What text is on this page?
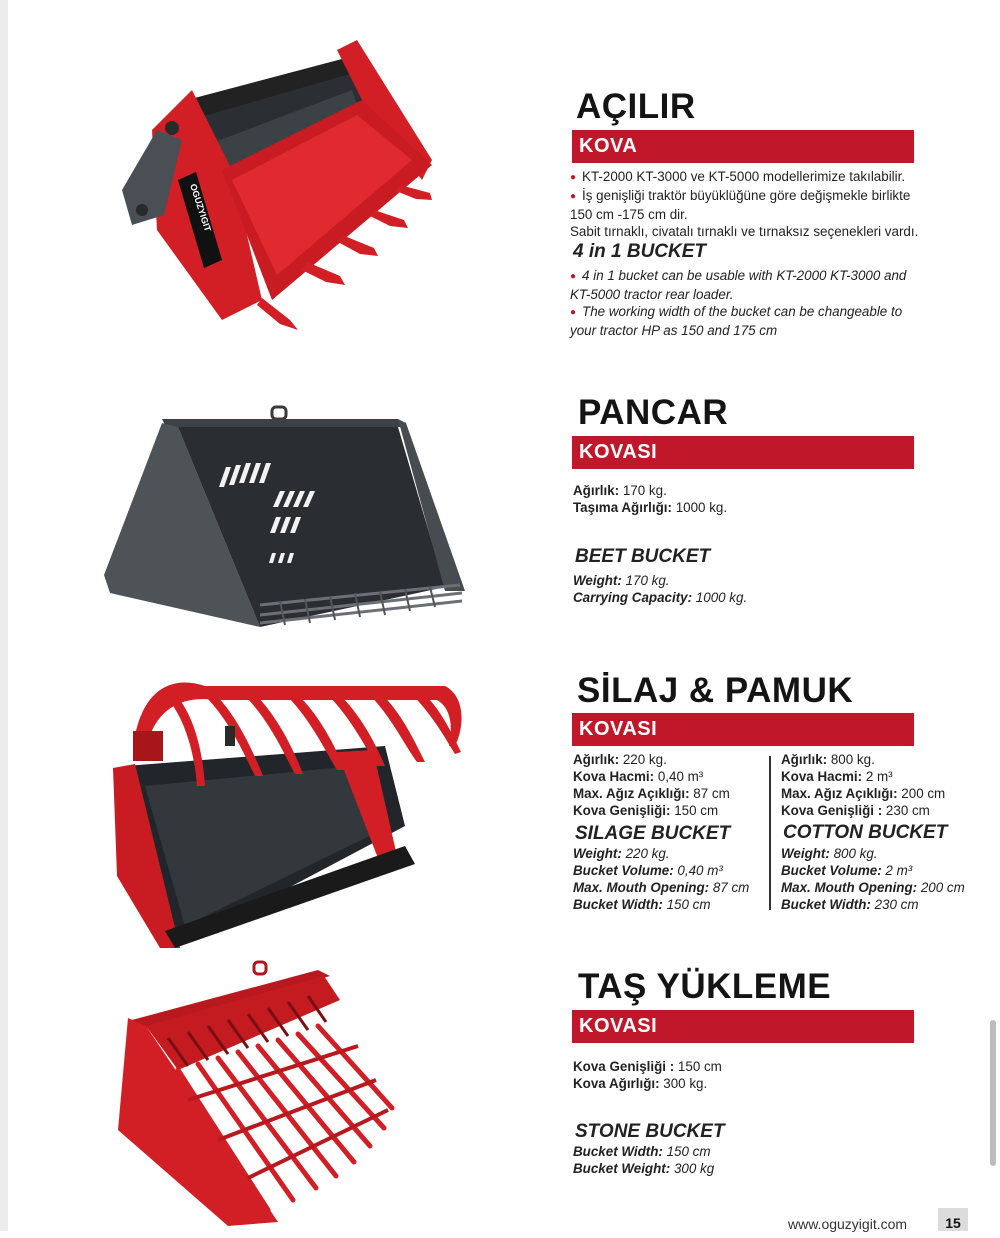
OGUZYIGIT
AÇILIR
KOVA
● KT-2000 KT-3000 ve KT-5000 modellerimize takılabilir.
● İş genişliği traktör büyüklüğüne göre değişmekle birlikte
150 cm -175 cm dir.
Sabit tırnaklı, civatalı tırnaklı ve tırnaksız seçenekleri vardı.
4 in 1 BUCKET
● 4 in 1 bucket can be usable with KT-2000 KT-3000 and
KT-5000 tractor rear loader.
● The working width of the bucket can be changeable to
your tractor HP as 150 and 175 cm
PANCAR
KOVASI
Ağırlık: 170 kg.
Taşıma Ağırlığı: 1000 kg.
BEET BUCKET
Weight: 170 kg.
Carrying Capacity: 1000 kg.
SİLAJ & PAMUK
KOVASI
Ağırlık: 220 kg.
Kova Hacmi: 0,40 m³
Max. Ağız Açıklığı: 87 cm
Kova Genişliği: 150 cm
SILAGE BUCKET
Weight: 220 kg.
Bucket Volume: 0,40 m³
Max. Mouth Opening: 87 cm
Bucket Width: 150 cm
Ağırlık: 800 kg.
Kova Hacmi: 2 m³
Max. Ağız Açıklığı: 200 cm
Kova Genişliği : 230 cm
COTTON BUCKET
Weight: 800 kg.
Bucket Volume: 2 m³
Max. Mouth Opening: 200 cm
Bucket Width: 230 cm
TAŞ YÜKLEME
KOVASI
Kova Genişliği : 150 cm
Kova Ağırlığı: 300 kg.
STONE BUCKET
Bucket Width: 150 cm
Bucket Weight: 300 kg
www.oguzyigit.com	15
